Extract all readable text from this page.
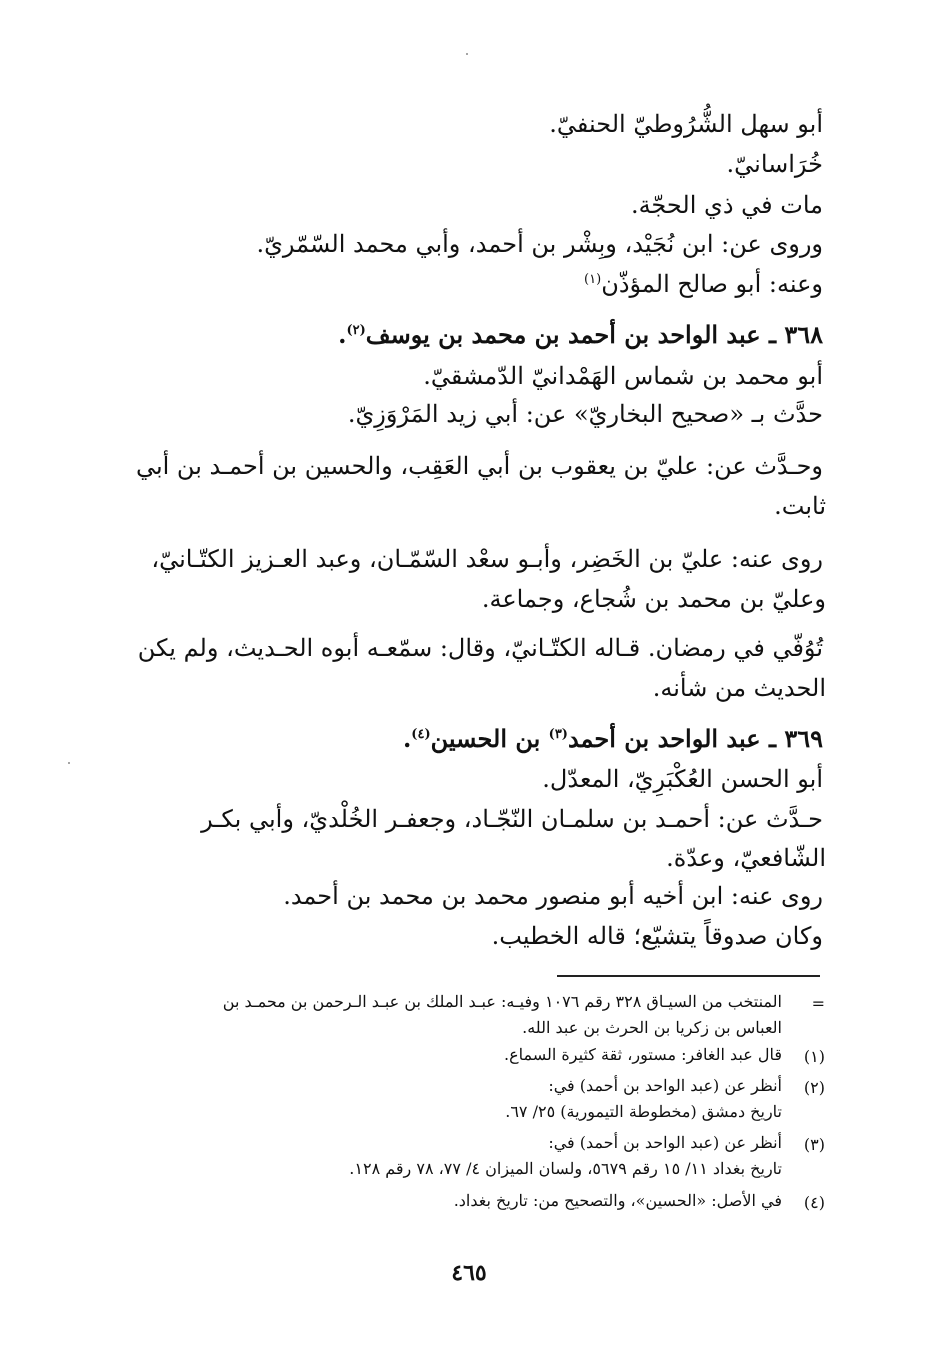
أبو سهل الشُّرُوطيّ الحنفيّ.
خُرَاسانيّ.
مات في ذي الحجّة.
وروى عن: ابن نُجَيْد، وبِشْر بن أحمد، وأبي محمد السّمّريّ.
وعنه: أبو صالح المؤذّن$^{(١)}$
٣٦٨ ـ عبد الواحد بن أحمد بن محمد بن يوسف$^{(٢)}$.
أبو محمد بن شماس الهَمْدانيّ الدّمشقيّ.
حدَّث بـ «صحيح البخاريّ» عن: أبي زيد المَرْوَزِيّ.
وحـدَّث عن: عليّ بن يعقوب بن أبي العَقِب، والحسين بن أحمـد بن أبي
ثابت.
روى عنه: عليّ بن الخَضِر، وأبـو سعْد السّمّـان، وعبد العـزيز الكتّـانيّ،
وعليّ بن محمد بن شُجاع، وجماعة.
تُوُفّي في رمضان. قـاله الكتّـانيّ، وقال: سمّعـه أبوه الحـديث، ولم يكن
الحديث من شأنه.
٣٦٩ ـ عبد الواحد بن أحمد$^{(٣)}$ بن الحسين$^{(٤)}$.
أبو الحسن العُكْبَرِيّ، المعدّل.
حـدَّث عن: أحمـد بن سلمـان النّجّـاد، وجعفـر الخُلْديّ، وأبي بكـر
الشّافعيّ، وعدّة.
روى عنه: ابن أخيه أبو منصور محمد بن محمد بن أحمد.
وكان صدوقاً يتشيّع؛ قاله الخطيب.
=
المنتخب من السيـاق ٣٢٨ رقم ١٠٧٦ وفيـه: عبـد الملك بن عبـد الـرحمن بن محمـد بن
العباس بن زكريا بن الحرث بن عبد الله.
(١)
قال عبد الغافر: مستور، ثقة كثيرة السماع.
(٢)
أنظر عن (عبد الواحد بن أحمد) في:
تاريخ دمشق (مخطوطة التيمورية) ٢٥/ ٦٧.
(٣)
أنظر عن (عبد الواحد بن أحمد) في:
تاريخ بغداد ١١/ ١٥ رقم ٥٦٧٩، ولسان الميزان ٤/ ٧٧، ٧٨ رقم ١٢٨.
(٤)
في الأصل: «الحسين»، والتصحيح من: تاريخ بغداد.
٤٦٥
